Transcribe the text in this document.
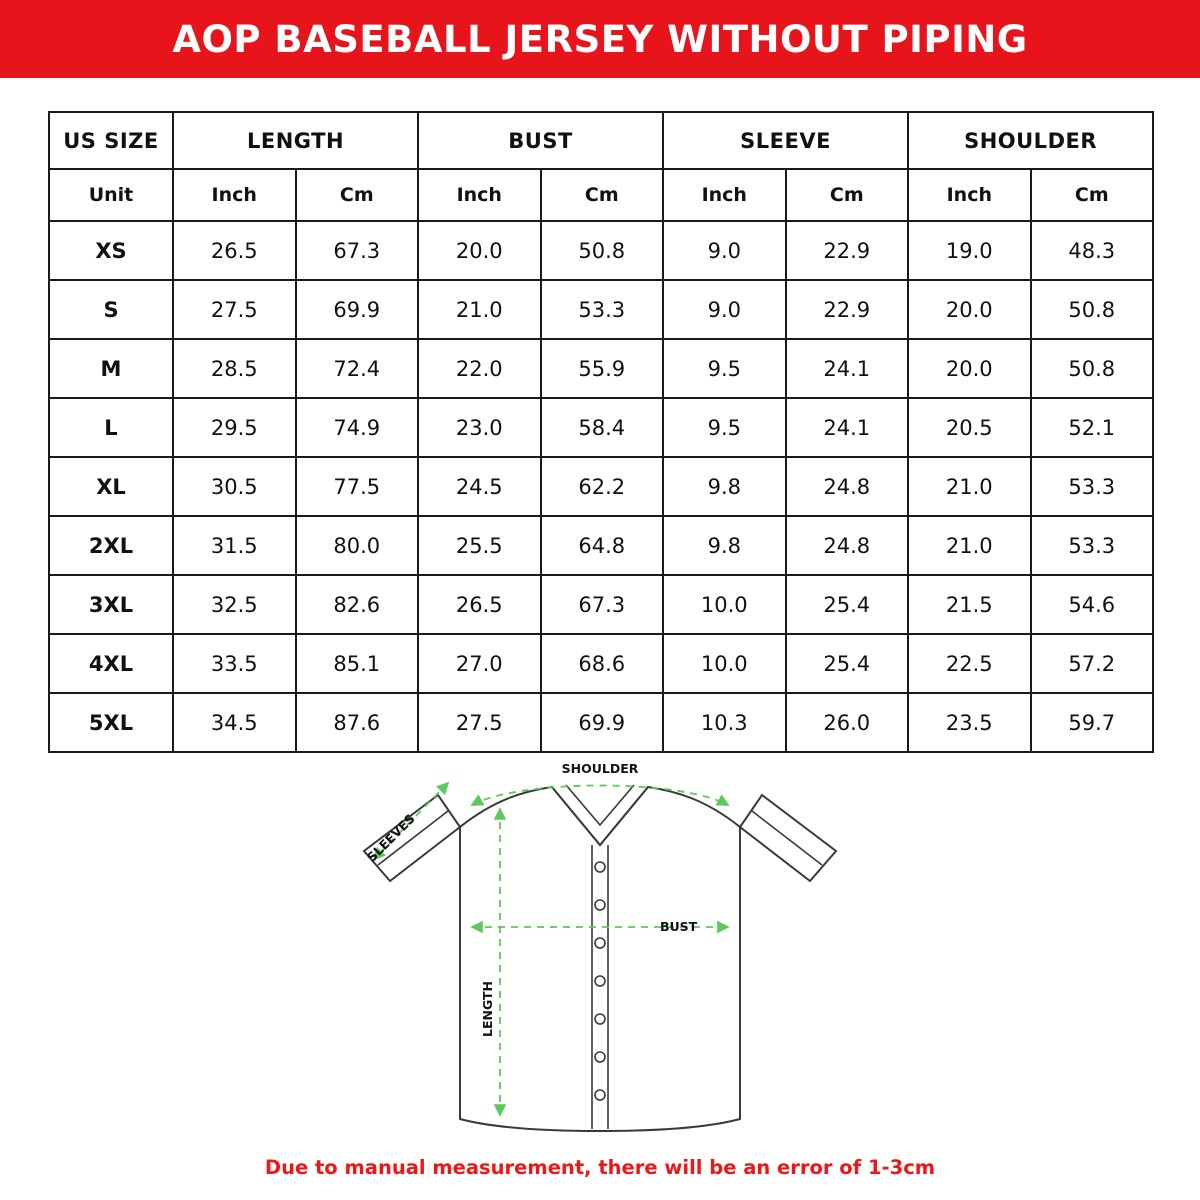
AOP BASEBALL JERSEY WITHOUT PIPING
US SIZE	LENGTH		BUST		SLEEVE		SHOULDER	
Unit	Inch	Cm	Inch	Cm	Inch	Cm	Inch	Cm
XS	26.5	67.3	20.0	50.8	9.0	22.9	19.0	48.3
S	27.5	69.9	21.0	53.3	9.0	22.9	20.0	50.8
M	28.5	72.4	22.0	55.9	9.5	24.1	20.0	50.8
L	29.5	74.9	23.0	58.4	9.5	24.1	20.5	52.1
XL	30.5	77.5	24.5	62.2	9.8	24.8	21.0	53.3
2XL	31.5	80.0	25.5	64.8	9.8	24.8	21.0	53.3
3XL	32.5	82.6	26.5	67.3	10.0	25.4	21.5	54.6
4XL	33.5	85.1	27.0	68.6	10.0	25.4	22.5	57.2
5XL	34.5	87.6	27.5	69.9	10.3	26.0	23.5	59.7
SHOULDER
SLEEVES
BUST
LENGTH
Due to manual measurement, there will be an error of 1-3cm
